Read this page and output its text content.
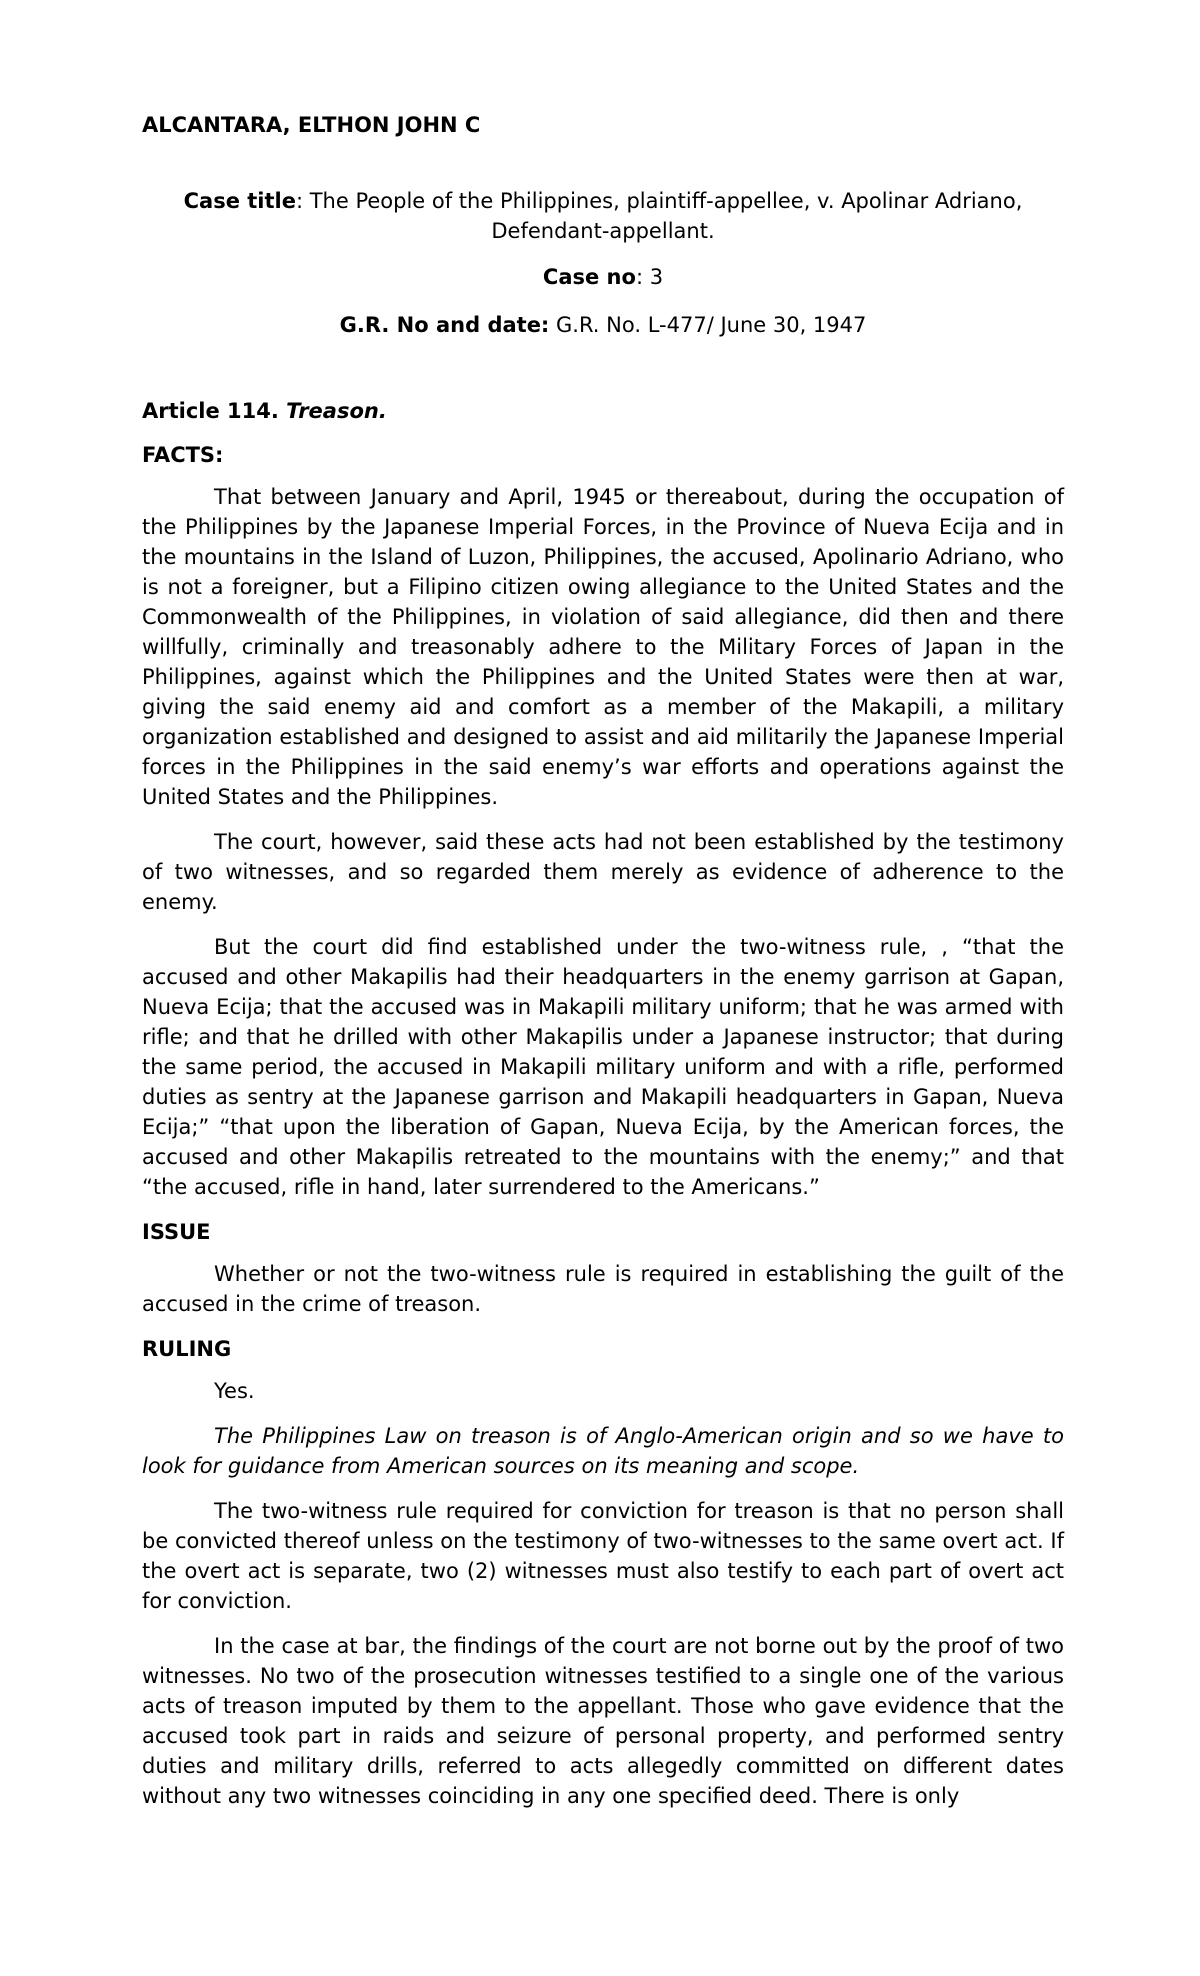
ALCANTARA, ELTHON JOHN C

Case title: The People of the Philippines, plaintiff-appellee, v. Apolinar Adriano, Defendant-appellant.

Case no: 3

G.R. No and date: G.R. No. L-477/ June 30, 1947

Article 114. Treason.
FACTS:

That between January and April, 1945 or thereabout, during the occupation of the Philippines by the Japanese Imperial Forces, in the Province of Nueva Ecija and in the mountains in the Island of Luzon, Philippines, the accused, Apolinario Adriano, who is not a foreigner, but a Filipino citizen owing allegiance to the United States and the Commonwealth of the Philippines, in violation of said allegiance, did then and there willfully, criminally and treasonably adhere to the Military Forces of Japan in the Philippines, against which the Philippines and the United States were then at war, giving the said enemy aid and comfort as a member of the Makapili, a military organization established and designed to assist and aid militarily the Japanese Imperial forces in the Philippines in the said enemy’s war efforts and operations against the United States and the Philippines.

The court, however, said these acts had not been established by the testimony of two witnesses, and so regarded them merely as evidence of adherence to the enemy.

But the court did find established under the two-witness rule, , “that the accused and other Makapilis had their headquarters in the enemy garrison at Gapan, Nueva Ecija; that the accused was in Makapili military uniform; that he was armed with rifle; and that he drilled with other Makapilis under a Japanese instructor; that during the same period, the accused in Makapili military uniform and with a rifle, performed duties as sentry at the Japanese garrison and Makapili headquarters in Gapan, Nueva Ecija;” “that upon the liberation of Gapan, Nueva Ecija, by the American forces, the accused and other Makapilis retreated to the mountains with the enemy;” and that “the accused, rifle in hand, later surrendered to the Americans.”

ISSUE

Whether or not the two-witness rule is required in establishing the guilt of the accused in the crime of treason.

RULING

Yes.

The Philippines Law on treason is of Anglo-American origin and so we have to look for guidance from American sources on its meaning and scope.

The two-witness rule required for conviction for treason is that no person shall be convicted thereof unless on the testimony of two-witnesses to the same overt act. If the overt act is separate, two (2) witnesses must also testify to each part of overt act for conviction.

In the case at bar, the findings of the court are not borne out by the proof of two witnesses. No two of the prosecution witnesses testified to a single one of the various acts of treason imputed by them to the appellant. Those who gave evidence that the accused took part in raids and seizure of personal property, and performed sentry duties and military drills, referred to acts allegedly committed on different dates without any two witnesses coinciding in any one specified deed. There is only
